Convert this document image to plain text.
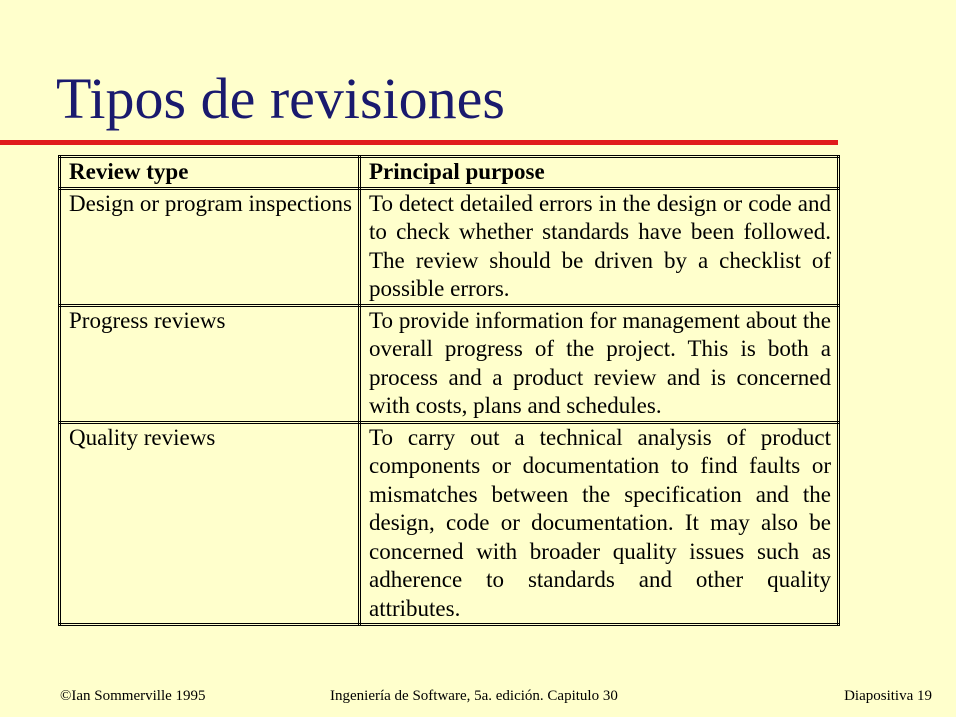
Tipos de revisiones
Review type	Principal purpose

Design or program inspections	To detect detailed errors in the design or code and to check whether standards have been followed. The review should be driven by a checklist of possible errors.

Progress reviews	To provide information for management about the overall progress of the project. This is both a process and a product review and is concerned with costs, plans and schedules.

Quality reviews	To carry out a technical analysis of product components or documentation to find faults or mismatches between the specification and the design, code or documentation. It may also be concerned with broader quality issues such as adherence to standards and other quality attributes.
©Ian Sommerville 1995	Ingeniería de Software, 5a. edición. Capitulo 30	Diapositiva 19
